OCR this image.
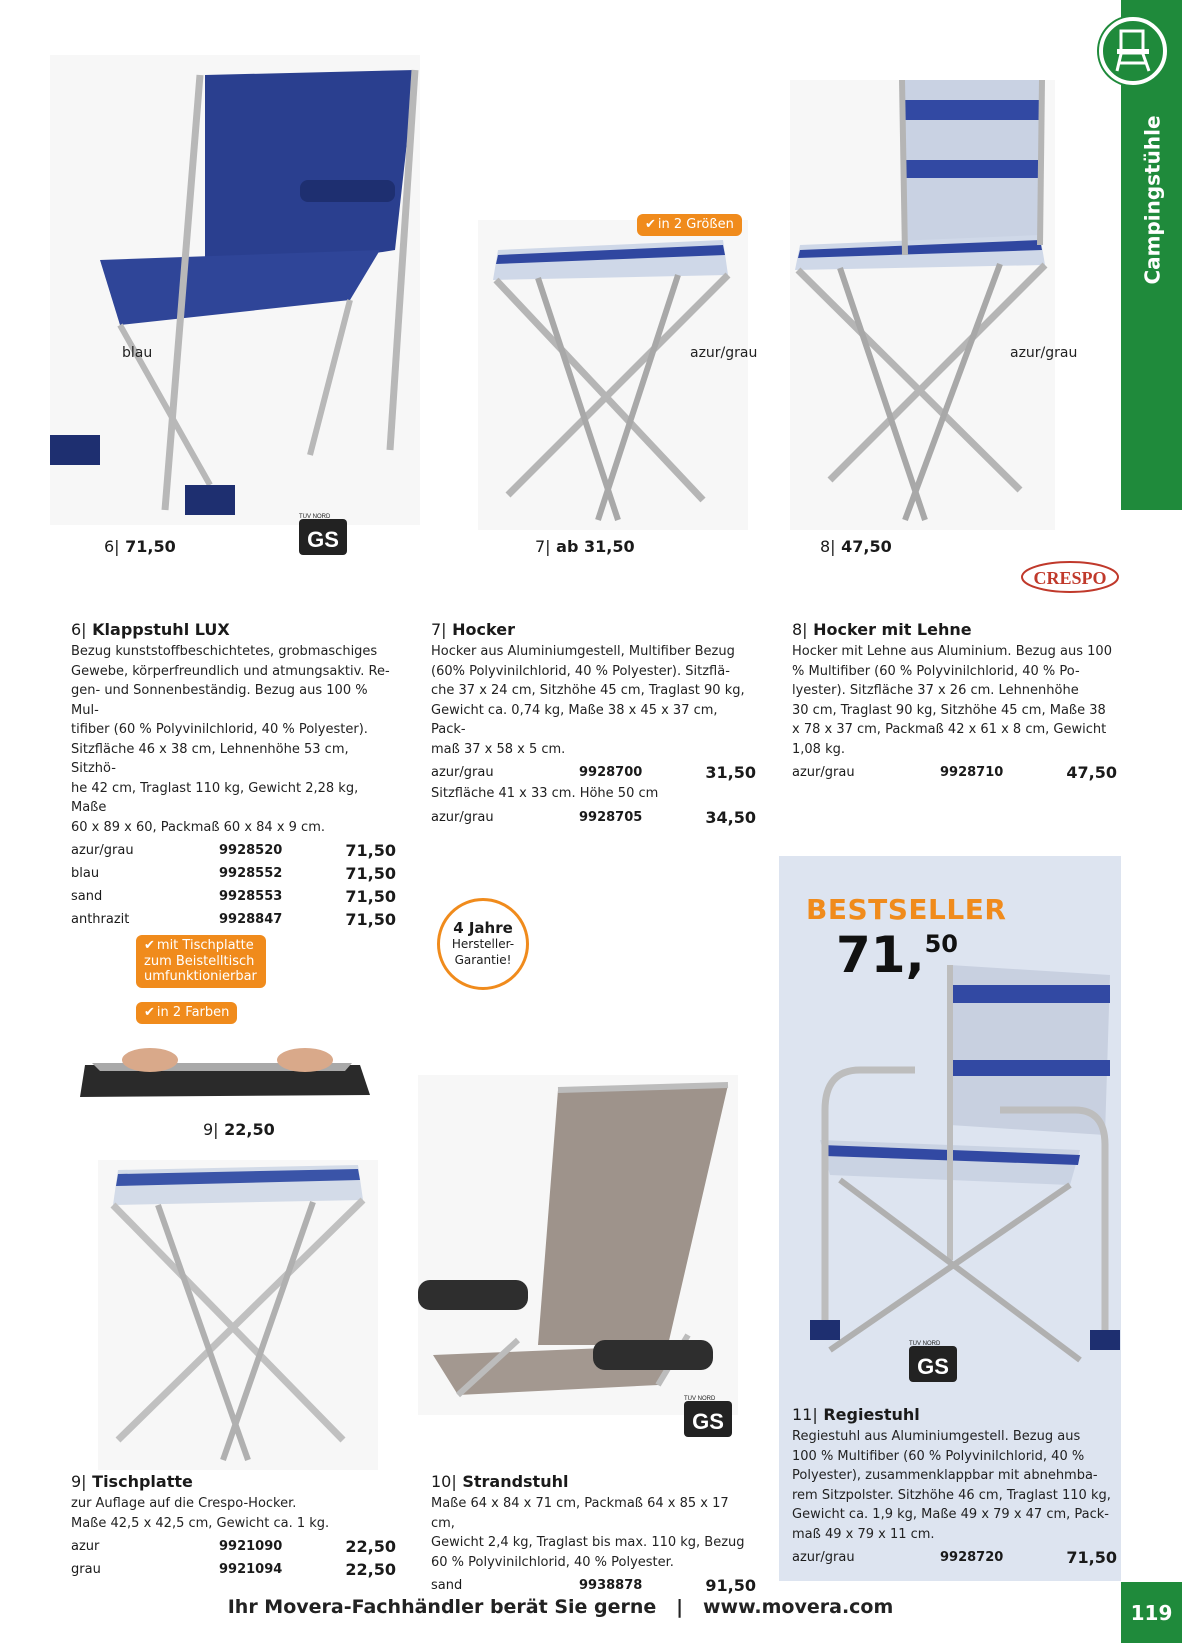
Campingstühle
blau
6| 71,50	GS
TÜV NORD
✔ in 2 Größen
azur/grau
7| ab 31,50
azur/grau
8| 47,50
CRESPO
6| Klappstuhl LUX

Bezug kunststoffbeschichtetes, grobmaschiges
Gewebe, körperfreundlich und atmungsaktiv. Re-
gen- und Sonnenbeständig. Bezug aus 100 % Mul-
tifiber (60 % Polyvinilchlorid, 40 % Polyester).
Sitzfläche 46 x 38 cm, Lehnenhöhe 53 cm, Sitzhö-
he 42 cm, Traglast 110 kg, Gewicht 2,28 kg, Maße
60 x 89 x 60, Packmaß 60 x 84 x 9 cm.

azur/grau	9928520	71,50
blau	9928552	71,50
sand	9928553	71,50
anthrazit	9928847	71,50
7| Hocker

Hocker aus Aluminiumgestell, Multifiber Bezug
(60% Polyvinilchlorid, 40 % Polyester). Sitzflä-
che 37 x 24 cm, Sitzhöhe 45 cm, Traglast 90 kg,
Gewicht ca. 0,74 kg, Maße 38 x 45 x 37 cm, Pack-
maß 37 x 58 x 5 cm.

azur/grau	9928700	31,50

Sitzfläche 41 x 33 cm. Höhe 50 cm

azur/grau	9928705	34,50
8| Hocker mit Lehne

Hocker mit Lehne aus Aluminium. Bezug aus 100
% Multifiber (60 % Polyvinilchlorid, 40 % Po-
lyester). Sitzfläche 37 x 26 cm. Lehnenhöhe
30 cm, Traglast 90 kg, Sitzhöhe 45 cm, Maße 38
x 78 x 37 cm, Packmaß 42 x 61 x 8 cm, Gewicht
1,08 kg.

azur/grau	9928710	47,50
✔ mit Tischplatte zum Beistelltisch umfunktionierbar
✔ in 2 Farben
9| 22,50
4 Jahre
Hersteller-
Garantie!
GS
TÜV NORD
BESTSELLER
71,50
GS
TÜV NORD
9| Tischplatte

zur Auflage auf die Crespo-Hocker.
Maße 42,5 x 42,5 cm, Gewicht ca. 1 kg.

azur	9921090	22,50
grau	9921094	22,50
10| Strandstuhl

Maße 64 x 84 x 71 cm, Packmaß 64 x 85 x 17 cm,
Gewicht 2,4 kg, Traglast bis max. 110 kg, Bezug
60 % Polyvinilchlorid, 40 % Polyester.

sand	9938878	91,50
11| Regiestuhl

Regiestuhl aus Aluminiumgestell. Bezug aus
100 % Multifiber (60 % Polyvinilchlorid, 40 %
Polyester), zusammenklappbar mit abnehmba-
rem Sitzpolster. Sitzhöhe 46 cm, Traglast 110 kg,
Gewicht ca. 1,9 kg, Maße 49 x 79 x 47 cm, Pack-
maß 49 x 79 x 11 cm.

azur/grau	9928720	71,50
Ihr Movera-Fachhändler berät Sie gerne | www.movera.com	119
